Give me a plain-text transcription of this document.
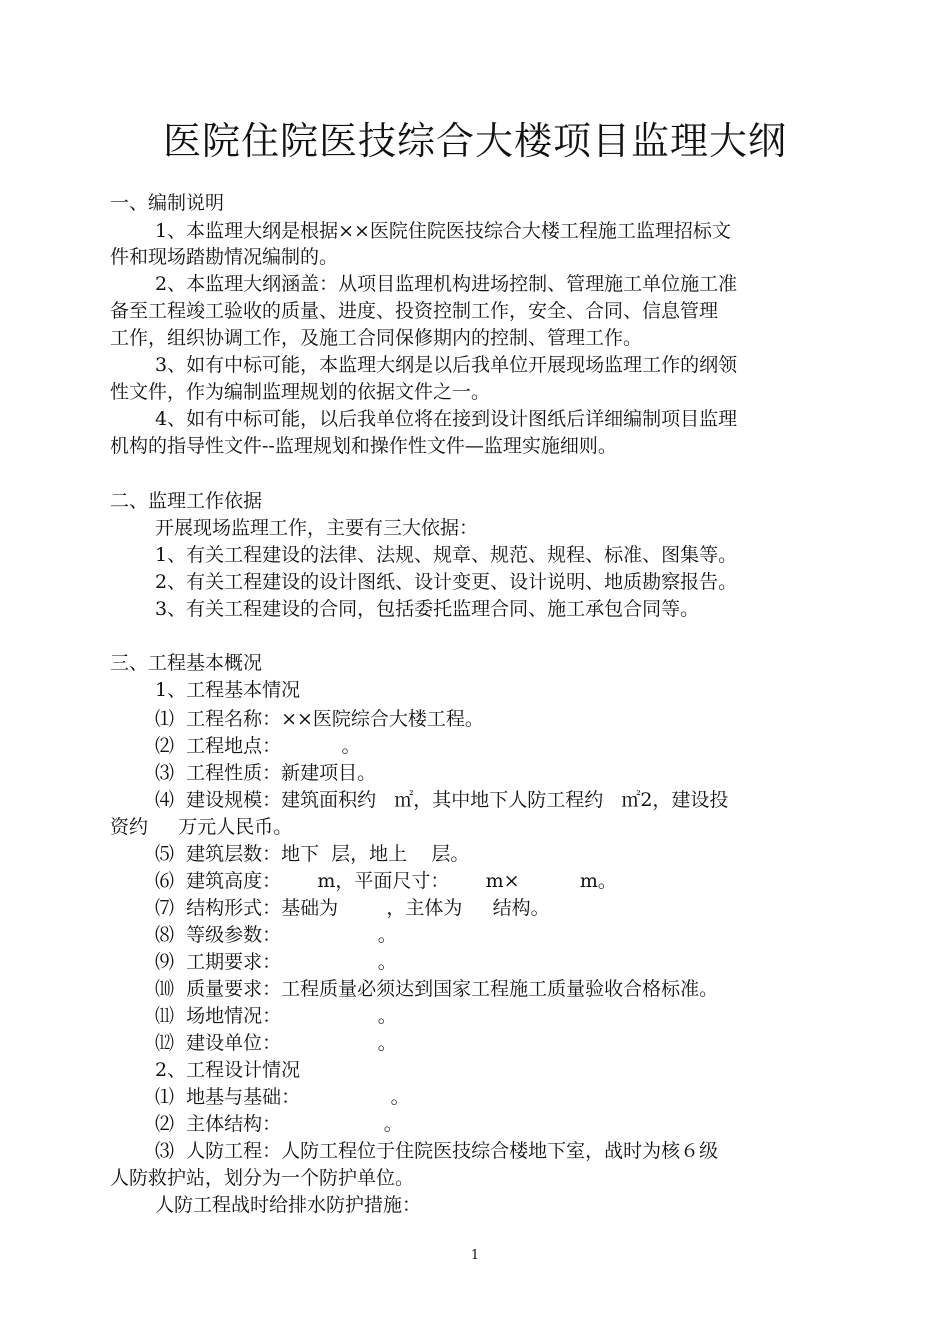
医院住院医技综合大楼项目监理大纲
一、编制说明
1、本监理大纲是根据××医院住院医技综合大楼工程施工监理招标文
件和现场踏勘情况编制的。
2、本监理大纲涵盖：从项目监理机构进场控制、管理施工单位施工准
备至工程竣工验收的质量、进度、投资控制工作，安全、合同、信息管理
工作，组织协调工作，及施工合同保修期内的控制、管理工作。
3、如有中标可能，本监理大纲是以后我单位开展现场监理工作的纲领
性文件，作为编制监理规划的依据文件之一。
4、如有中标可能，以后我单位将在接到设计图纸后详细编制项目监理
机构的指导性文件--监理规划和操作性文件—监理实施细则。
二、监理工作依据
开展现场监理工作，主要有三大依据：
1、有关工程建设的法律、法规、规章、规范、规程、标准、图集等。
2、有关工程建设的设计图纸、设计变更、设计说明、地质勘察报告。
3、有关工程建设的合同，包括委托监理合同、施工承包合同等。
三、工程基本概况
1、工程基本情况
⑴  工程名称：××医院综合大楼工程。
⑵  工程地点：          。
⑶  工程性质：新建项目。
⑷  建设规模：建筑面积约   ㎡，其中地下人防工程约   ㎡2，建设投
资约     万元人民币。
⑸  建筑层数：地下  层，地上    层。
⑹  建筑高度：      m，平面尺寸：      m×          m。
⑺  结构形式：基础为        ，主体为     结构。
⑻  等级参数：                。
⑼  工期要求：                。
⑽  质量要求：工程质量必须达到国家工程施工质量验收合格标准。
⑾  场地情况：                。
⑿  建设单位：                。
2、工程设计情况
⑴  地基与基础：               。
⑵  主体结构：                 。
⑶  人防工程：人防工程位于住院医技综合楼地下室，战时为核６级
人防救护站，划分为一个防护单位。
人防工程战时给排水防护措施：
1
